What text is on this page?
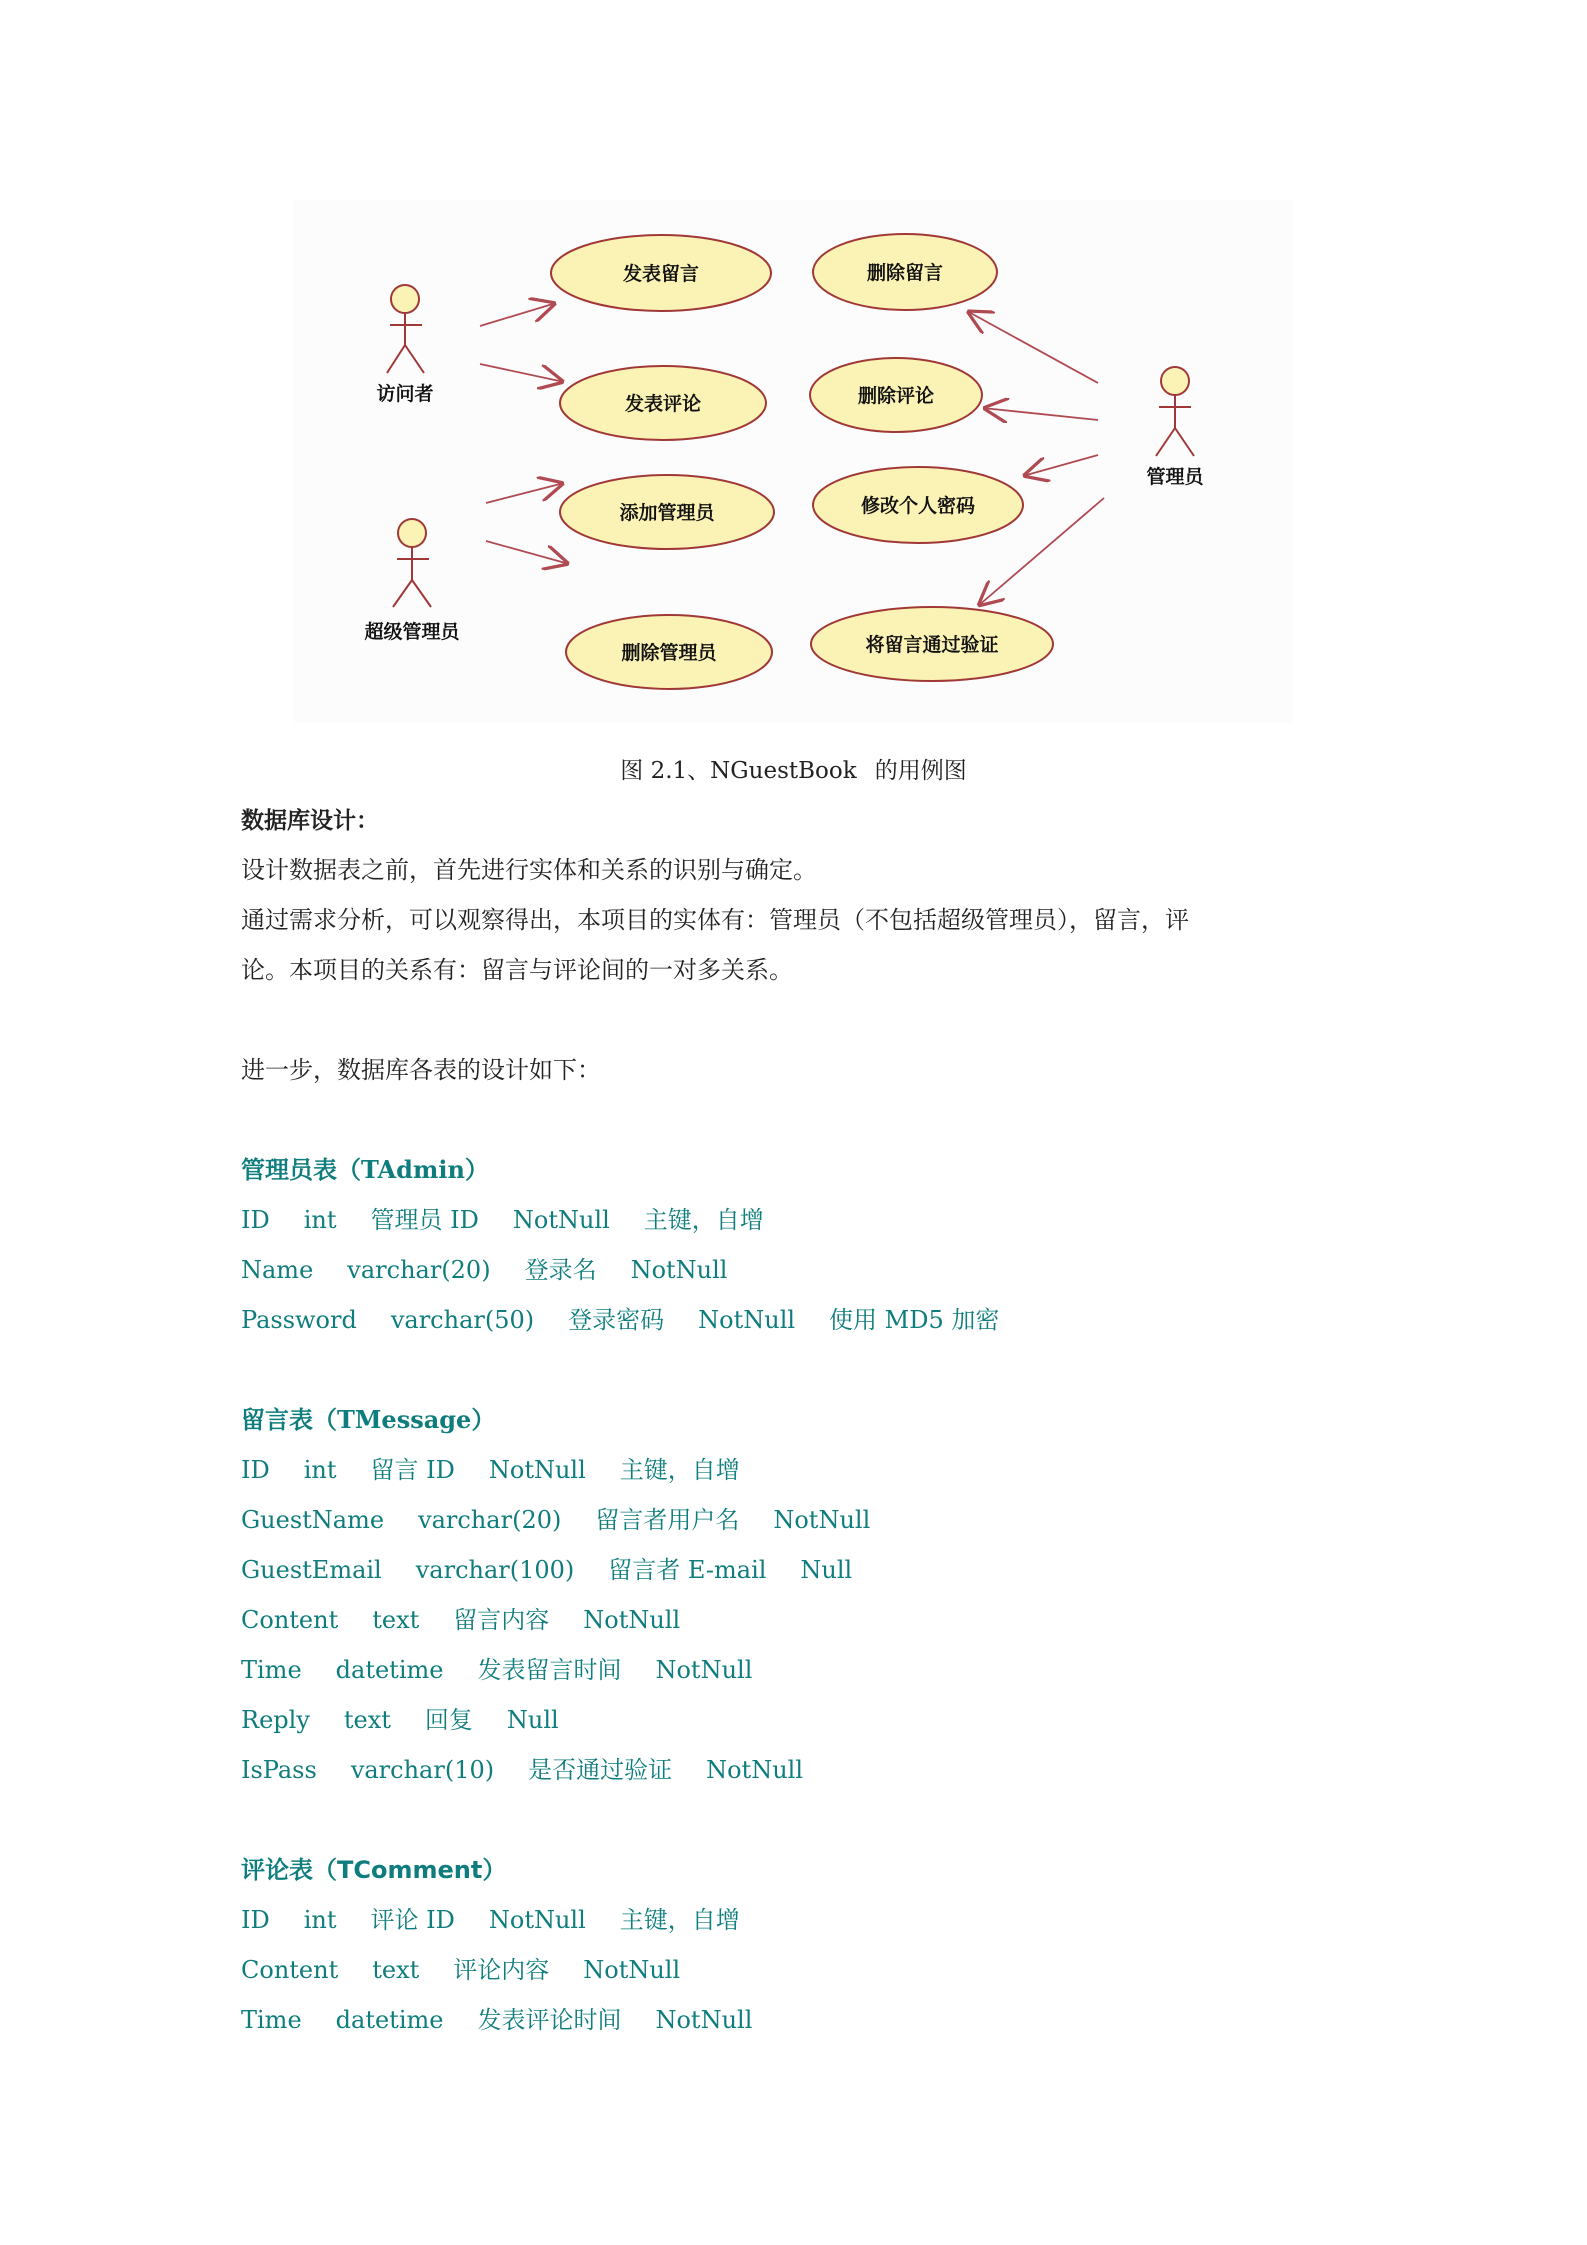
访问者
超级管理员
管理员
发表留言
发表评论
添加管理员
删除管理员
删除留言
删除评论
修改个人密码
将留言通过验证
图 2.1、NGuestBook 的用例图
数据库设计：
设计数据表之前，首先进行实体和关系的识别与确定。
通过需求分析，可以观察得出，本项目的实体有：管理员（不包括超级管理员），留言，评
论。本项目的关系有：留言与评论间的一对多关系。
进一步，数据库各表的设计如下：
管理员表（TAdmin）
ID int 管理员 ID NotNull 主键，自增
Name varchar(20) 登录名 NotNull
Password varchar(50) 登录密码 NotNull 使用 MD5 加密
留言表（TMessage）
ID int 留言 ID NotNull 主键，自增
GuestName varchar(20) 留言者用户名 NotNull
GuestEmail varchar(100) 留言者 E-mail Null
Content text 留言内容 NotNull
Time datetime 发表留言时间 NotNull
Reply text 回复 Null
IsPass varchar(10) 是否通过验证 NotNull
评论表（TComment）
ID int 评论 ID NotNull 主键，自增
Content text 评论内容 NotNull
Time datetime 发表评论时间 NotNull
